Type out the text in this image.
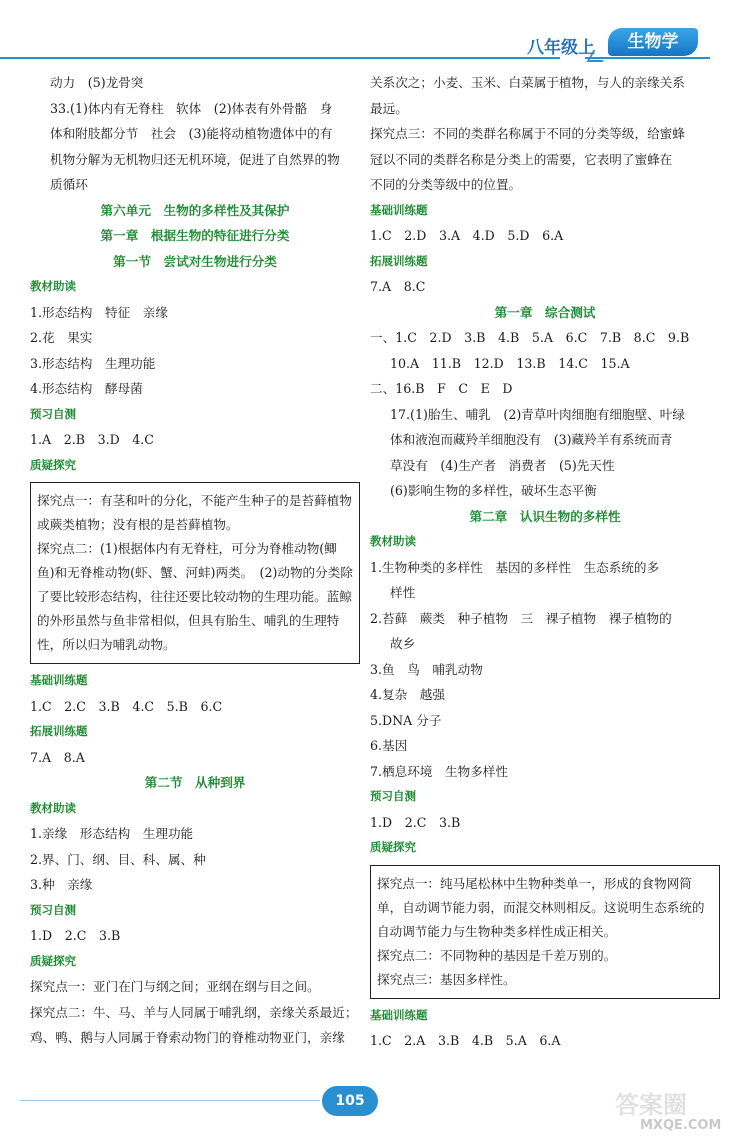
八年级上	生物学
动力　(5)龙骨突
33.(1)体内有无脊柱　软体　(2)体表有外骨骼　身
体和附肢都分节　社会　(3)能将动植物遗体中的有
机物分解为无机物归还无机环境，促进了自然界的物
质循环
第六单元　生物的多样性及其保护
第一章　根据生物的特征进行分类
第一节　尝试对生物进行分类
教材助读
1.形态结构　特征　亲缘
2.花　果实
3.形态结构　生理功能
4.形态结构　酵母菌
预习自测
1.A　2.B　3.D　4.C
质疑探究
探究点一：有茎和叶的分化，不能产生种子的是苔藓植物或蕨类植物；没有根的是苔藓植物。
探究点二：(1)根据体内有无脊柱，可分为脊椎动物(鲫鱼)和无脊椎动物(虾、蟹、河蚌)两类。　(2)动物的分类除了要比较形态结构，往往还要比较动物的生理功能。蓝鲸的外形虽然与鱼非常相似，但具有胎生、哺乳的生理特性，所以归为哺乳动物。
基础训练题
1.C　2.C　3.B　4.C　5.B　6.C
拓展训练题
7.A　8.A
第二节　从种到界
教材助读
1.亲缘　形态结构　生理功能
2.界、门、纲、目、科、属、种
3.种　亲缘
预习自测
1.D　2.C　3.B
质疑探究
探究点一：亚门在门与纲之间；亚纲在纲与目之间。
探究点二：牛、马、羊与人同属于哺乳纲，亲缘关系最近；
鸡、鸭、鹅与人同属于脊索动物门的脊椎动物亚门，亲缘
关系次之；小麦、玉米、白菜属于植物，与人的亲缘关系
最远。
探究点三：不同的类群名称属于不同的分类等级，给蜜蜂
冠以不同的类群名称是分类上的需要，它表明了蜜蜂在
不同的分类等级中的位置。
基础训练题
1.C　2.D　3.A　4.D　5.D　6.A
拓展训练题
7.A　8.C
第一章　综合测试
一、1.C　2.D　3.B　4.B　5.A　6.C　7.B　8.C　9.B
10.A　11.B　12.D　13.B　14.C　15.A
二、16.B　F　C　E　D
17.(1)胎生、哺乳　(2)青草叶肉细胞有细胞壁、叶绿
体和液泡而藏羚羊细胞没有　(3)藏羚羊有系统而青
草没有　(4)生产者　消费者　(5)先天性
(6)影响生物的多样性，破坏生态平衡
第二章　认识生物的多样性
教材助读
1.生物种类的多样性　基因的多样性　生态系统的多
样性
2.苔藓　蕨类　种子植物　三　裸子植物　裸子植物的
故乡
3.鱼　鸟　哺乳动物
4.复杂　越强
5.DNA 分子
6.基因
7.栖息环境　生物多样性
预习自测
1.D　2.C　3.B
质疑探究
探究点一：纯马尾松林中生物种类单一，形成的食物网简单，自动调节能力弱，而混交林则相反。这说明生态系统的自动调节能力与生物种类多样性成正相关。
探究点二：不同物种的基因是千差万别的。
探究点三：基因多样性。
基础训练题
1.C　2.A　3.B　4.B　5.A　6.A
105	答案圈
MXQE.COM
